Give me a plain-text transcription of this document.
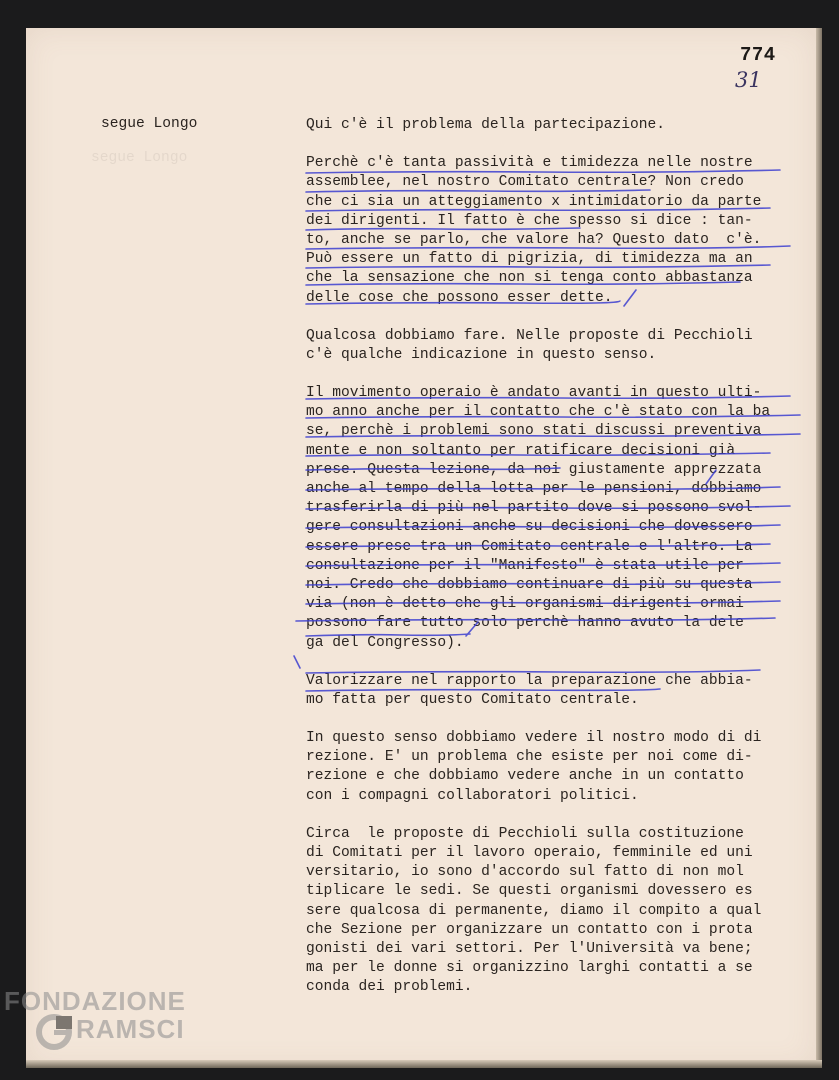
774
31
segue Longo
segue Longo	Qui c'è il problema della partecipazione.
Perchè c'è tanta passività e timidezza nelle nostre
assemblee, nel nostro Comitato centrale? Non credo
che ci sia un atteggiamento x intimidatorio da parte
dei dirigenti. Il fatto è che spesso si dice : tan-
to, anche se parlo, che valore ha? Questo dato  c'è.
Può essere un fatto di pigrizia, di timidezza ma an
che la sensazione che non si tenga conto abbastanza
delle cose che possono esser dette.
Qualcosa dobbiamo fare. Nelle proposte di Pecchioli
c'è qualche indicazione in questo senso.
Il movimento operaio è andato avanti in questo ulti-
mo anno anche per il contatto che c'è stato con la ba
se, perchè i problemi sono stati discussi preventiva
mente e non soltanto per ratificare decisioni già
prese. Questa lezione, da noi giustamente apprezzata
anche al tempo della lotta per le pensioni, dobbiamo
trasferirla di più nel partito dove si possono svol-
gere consultazioni anche su decisioni che dovessero
essere prese tra un Comitato centrale e l'altro. La
consultazione per il "Manifesto" è stata utile per
noi. Credo che dobbiamo continuare di più su questa
via (non è detto che gli organismi dirigenti ormai
possono fare tutto solo perchè hanno avuto la dele
ga del Congresso).
Valorizzare nel rapporto la preparazione che abbia-
mo fatta per questo Comitato centrale.
In questo senso dobbiamo vedere il nostro modo di di
rezione. E' un problema che esiste per noi come di-
rezione e che dobbiamo vedere anche in un contatto
con i compagni collaboratori politici.
Circa  le proposte di Pecchioli sulla costituzione
di Comitati per il lavoro operaio, femminile ed uni
versitario, io sono d'accordo sul fatto di non mol
tiplicare le sedi. Se questi organismi dovessero es
sere qualcosa di permanente, diamo il compito a qual
che Sezione per organizzare un contatto con i prota
gonisti dei vari settori. Per l'Università va bene;
ma per le donne si organizzino larghi contatti a se
conda dei problemi.
FONDAZIONE
RAMSCI
